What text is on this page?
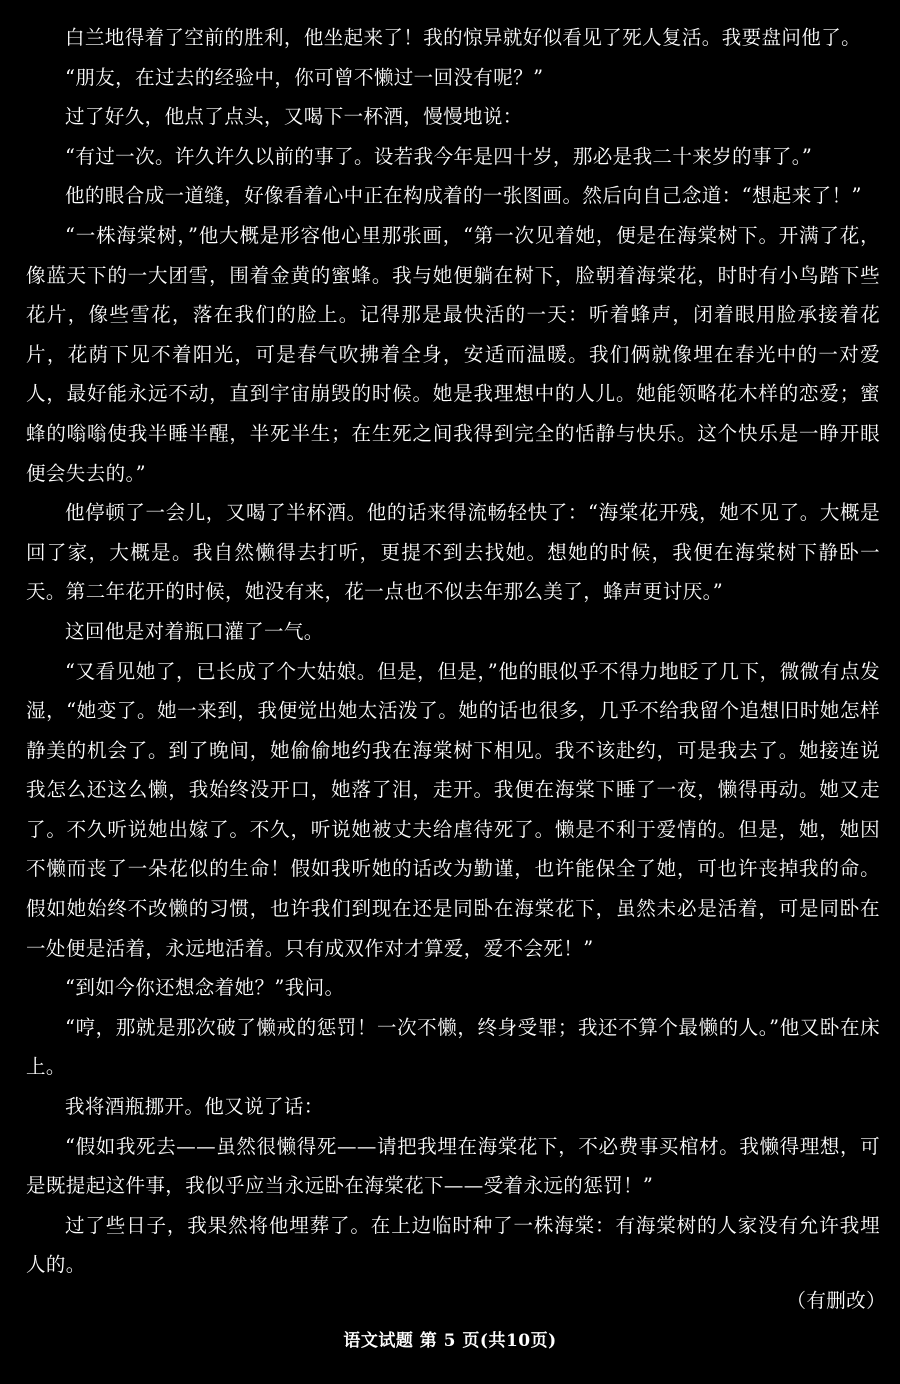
白兰地得着了空前的胜利，他坐起来了！我的惊异就好似看见了死人复活。我要盘问他了。

“朋友，在过去的经验中，你可曾不懒过一回没有呢？”

过了好久，他点了点头，又喝下一杯酒，慢慢地说：

“有过一次。许久许久以前的事了。设若我今年是四十岁，那必是我二十来岁的事了。”

他的眼合成一道缝，好像看着心中正在构成着的一张图画。然后向自己念道：“想起来了！”

“一株海棠树，”他大概是形容他心里那张画，“第一次见着她，便是在海棠树下。开满了花，像蓝天下的一大团雪，围着金黄的蜜蜂。我与她便躺在树下，脸朝着海棠花，时时有小鸟踏下些花片，像些雪花，落在我们的脸上。记得那是最快活的一天：听着蜂声，闭着眼用脸承接着花片，花荫下见不着阳光，可是春气吹拂着全身，安适而温暖。我们俩就像埋在春光中的一对爱人，最好能永远不动，直到宇宙崩毁的时候。她是我理想中的人儿。她能领略花木样的恋爱；蜜蜂的嗡嗡使我半睡半醒，半死半生；在生死之间我得到完全的恬静与快乐。这个快乐是一睁开眼便会失去的。”

他停顿了一会儿，又喝了半杯酒。他的话来得流畅轻快了：“海棠花开残，她不见了。大概是回了家，大概是。我自然懒得去打听，更提不到去找她。想她的时候，我便在海棠树下静卧一天。第二年花开的时候，她没有来，花一点也不似去年那么美了，蜂声更讨厌。”

这回他是对着瓶口灌了一气。

“又看见她了，已长成了个大姑娘。但是，但是，”他的眼似乎不得力地眨了几下，微微有点发湿，“她变了。她一来到，我便觉出她太活泼了。她的话也很多，几乎不给我留个追想旧时她怎样静美的机会了。到了晚间，她偷偷地约我在海棠树下相见。我不该赴约，可是我去了。她接连说我怎么还这么懒，我始终没开口，她落了泪，走开。我便在海棠下睡了一夜，懒得再动。她又走了。不久听说她出嫁了。不久，听说她被丈夫给虐待死了。懒是不利于爱情的。但是，她，她因不懒而丧了一朵花似的生命！假如我听她的话改为勤谨，也许能保全了她，可也许丧掉我的命。假如她始终不改懒的习惯，也许我们到现在还是同卧在海棠花下，虽然未必是活着，可是同卧在一处便是活着，永远地活着。只有成双作对才算爱，爱不会死！”

“到如今你还想念着她？”我问。

“哼，那就是那次破了懒戒的惩罚！一次不懒，终身受罪；我还不算个最懒的人。”他又卧在床上。

我将酒瓶挪开。他又说了话：

“假如我死去——虽然很懒得死——请把我埋在海棠花下，不必费事买棺材。我懒得理想，可是既提起这件事，我似乎应当永远卧在海棠花下——受着永远的惩罚！”

过了些日子，我果然将他埋葬了。在上边临时种了一株海棠：有海棠树的人家没有允许我埋人的。

（有删改）
语文试题 第 5 页(共10页)
